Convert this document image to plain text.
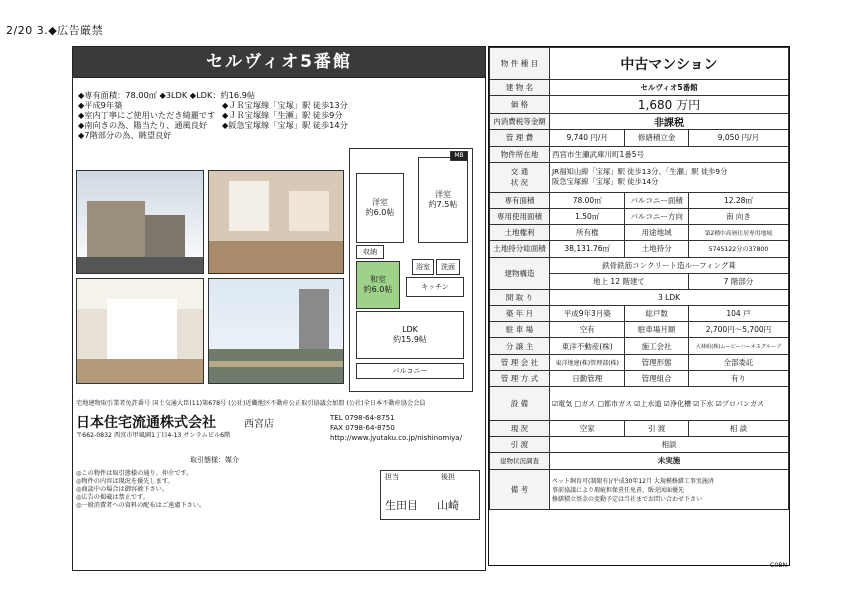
2/20 3.◆広告厳禁
セルヴィオ5番館
◆専有面積：78.00㎡ ◆3LDK ◆LDK：約16.9帖
◆平成9年築
◆室内丁寧にご使用いただき綺麗です
◆南向きの為、陽当たり、通風良好
◆7階部分の為、眺望良好
◆ＪＲ宝塚線「宝塚」駅 徒歩13分
◆ＪＲ宝塚線「生瀬」駅 徒歩9分
◆阪急宝塚線「宝塚」駅 徒歩14分
洋室
約6.0帖
洋室
約7.5帖
和室
約6.0帖
収納
浴室 洗面
キッチン
LDK
約15.9帖
バルコニー
MB
宅地建物取引業者免許番号 国土交通大臣(11)第678号 (公社)近畿地区不動産公正取引協議会加盟 (公社)全日本不動産協会会員
日本住宅流通株式会社	西宮店
〒662-0832 西宮市甲風園1丁目4-13 サンラムビル6階
TEL 0798-64-8751
FAX 0798-64-8750
http://www.jyutaku.co.jp/nishinomiya/
◎この物件は取引態様の通り、仲介です。
◎物件の内容は現況を優先します。
◎商談中の場合は御容赦下さい。
◎広告の掲載は禁止です。
◎一般消費者への資料の配布はご遠慮下さい。
取引態様：媒介
担当	後担
生田目 山崎
物 件 種 目	中古マンション		
建 物 名	セルヴィオ5番館		
価 格	1,680 万円		
内消費税等金額	非課税		
管 理 費	9,740 円/月	修繕積立金	9,050 円/月
物件所在地	西宮市生瀬武庫川町1番5号		
交 通
状 況	JR福知山線「宝塚」駅 徒歩13分、「生瀬」駅 徒歩9分
阪急宝塚線「宝塚」駅 徒歩14分		
専有面積	78.00㎡	バルコニー面積	12.28㎡
専用使用面積	1.50㎡	バルコニー方向	南 向き
土地権利	所有権	用途地域	第2種中高層住居専用地域
土地持分総面積	38,131.76㎡	土地持分	5745122分の37800
建物構造	鉄骨鉄筋コンクリート造ルーフィング葺		
	地上 12 階建て		7 階部分
間 取 り	3 LDK		
築 年 月	平成9年3月築	総戸数	104 戸
駐 車 場	空有	駐車場月額	2,700円～5,700円
分 譲 主	東洋不動産(株)	施工会社	大林組(株)ムービーハーネスグループ
管 理 会 社	東洋地建(株)管理部(株)	管理形態	全部委託
管 理 方 式	日勤管理	管理組合	有り
設 備	☑電気 □ガス □都市ガス ☑上水道 ☑浄化槽 ☑下水 ☑プロパンガス		
現 況	空家	引 渡	相 談
引 渡	相談		
建物状況調査	未実施		
備 考	ペット飼育可(制限有)/平成30年12月 大規模修繕工事実施済
事前協議により瑕疵担保責任免責、販売図面優先
修繕積立基金の変動予定は当社までお問い合わせ下さい		
C0BN
